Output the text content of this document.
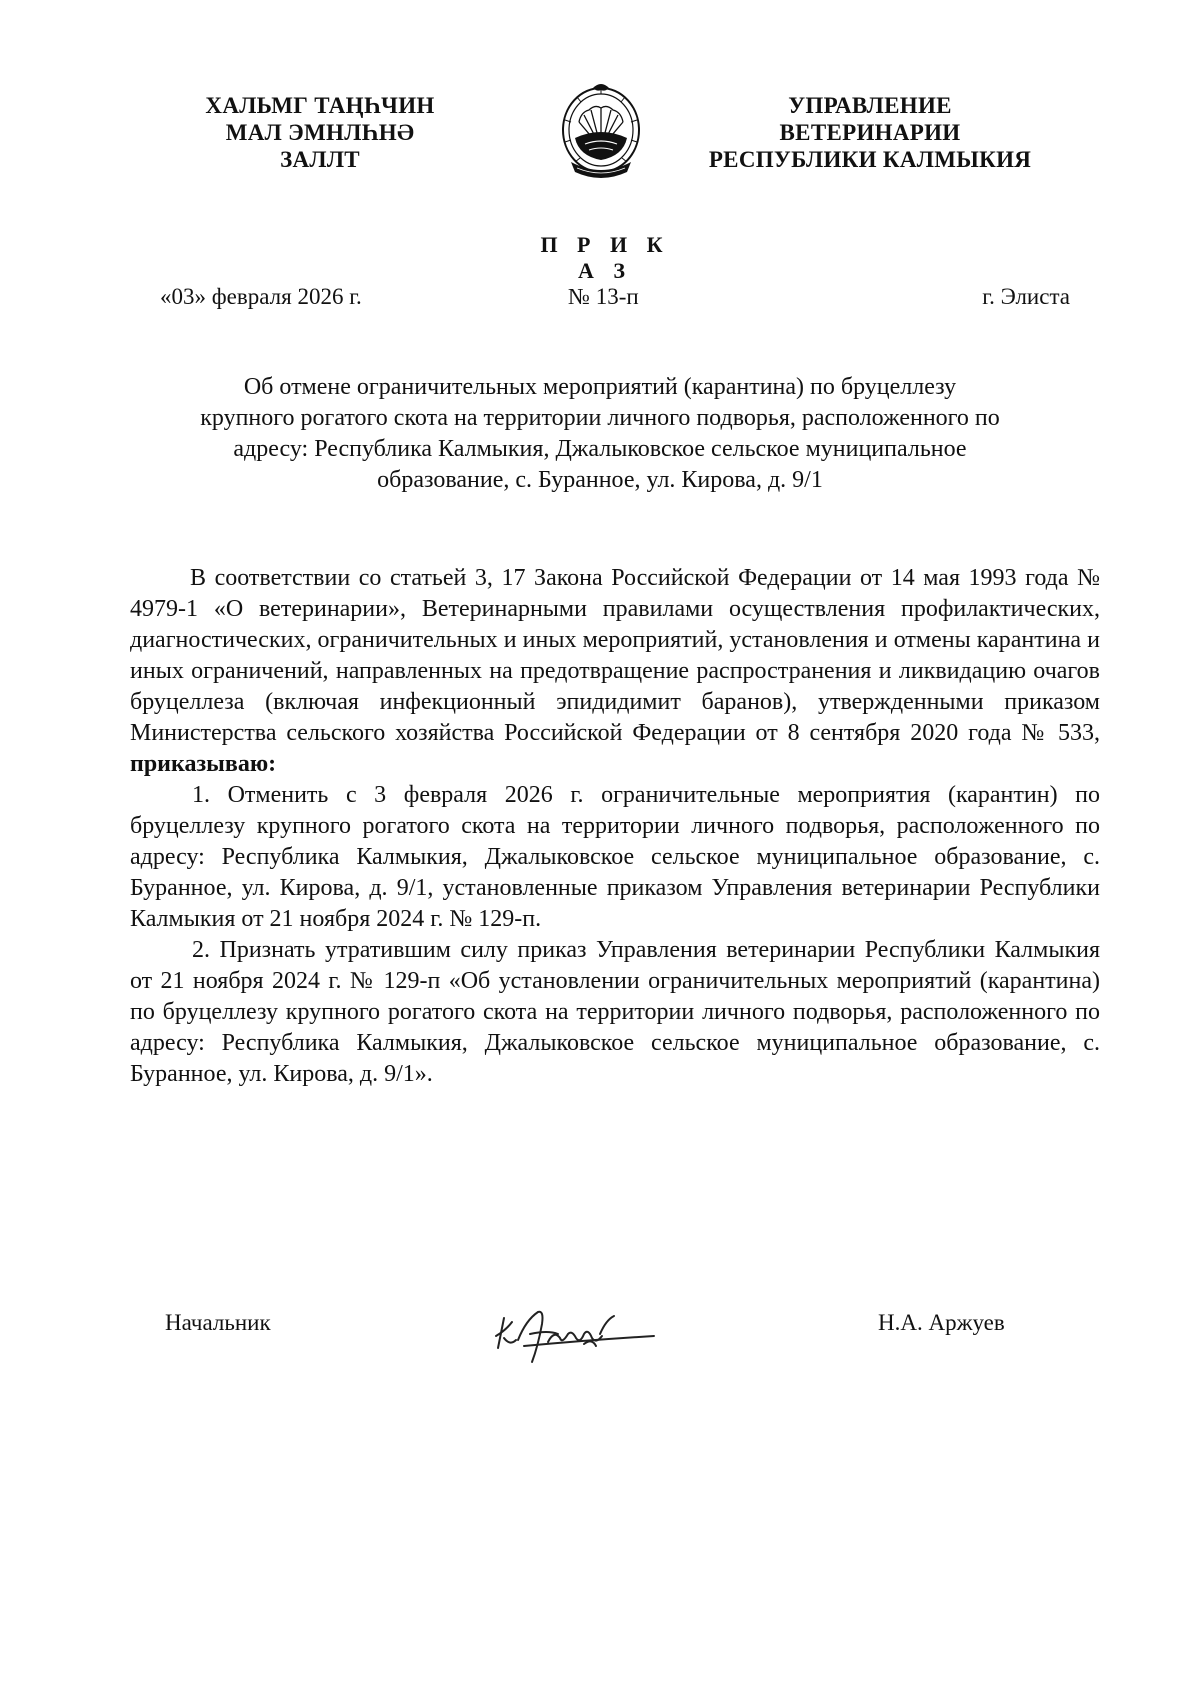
ХАЛЬМГ ТАҢҺЧИН
МАЛ ЭМНЛҺНӘ
ЗАЛЛТ
УПРАВЛЕНИЕ
ВЕТЕРИНАРИИ
РЕСПУБЛИКИ КАЛМЫКИЯ
П Р И К А З
«03» февраля 2026 г.	№ 13-п	г. Элиста
Об отмене ограничительных мероприятий (карантина) по бруцеллезу
крупного рогатого скота на территории личного подворья, расположенного по
адресу: Республика Калмыкия, Джалыковское сельское муниципальное
образование, с. Буранное, ул. Кирова, д. 9/1

В соответствии со статьей 3, 17 Закона Российской Федерации от 14 мая 1993 года № 4979-1 «О ветеринарии», Ветеринарными правилами осуществления профилактических, диагностических, ограничительных и иных мероприятий, установления и отмены карантина и иных ограничений, направленных на предотвращение распространения и ликвидацию очагов бруцеллеза (включая инфекционный эпидидимит баранов), утвержденными приказом Министерства сельского хозяйства Российской Федерации от 8 сентября 2020 года № 533, приказываю:

1. Отменить с 3 февраля 2026 г. ограничительные мероприятия (карантин) по бруцеллезу крупного рогатого скота на территории личного подворья, расположенного по адресу: Республика Калмыкия, Джалыковское сельское муниципальное образование, с. Буранное, ул. Кирова, д. 9/1, установленные приказом Управления ветеринарии Республики Калмыкия от 21 ноября 2024 г. № 129-п.

2. Признать утратившим силу приказ Управления ветеринарии Республики Калмыкия от 21 ноября 2024 г. № 129-п «Об установлении ограничительных мероприятий (карантина) по бруцеллезу крупного рогатого скота на территории личного подворья, расположенного по адресу: Республика Калмыкия, Джалыковское сельское муниципальное образование, с. Буранное, ул. Кирова, д. 9/1».

Начальник	Н.А. Аржуев
